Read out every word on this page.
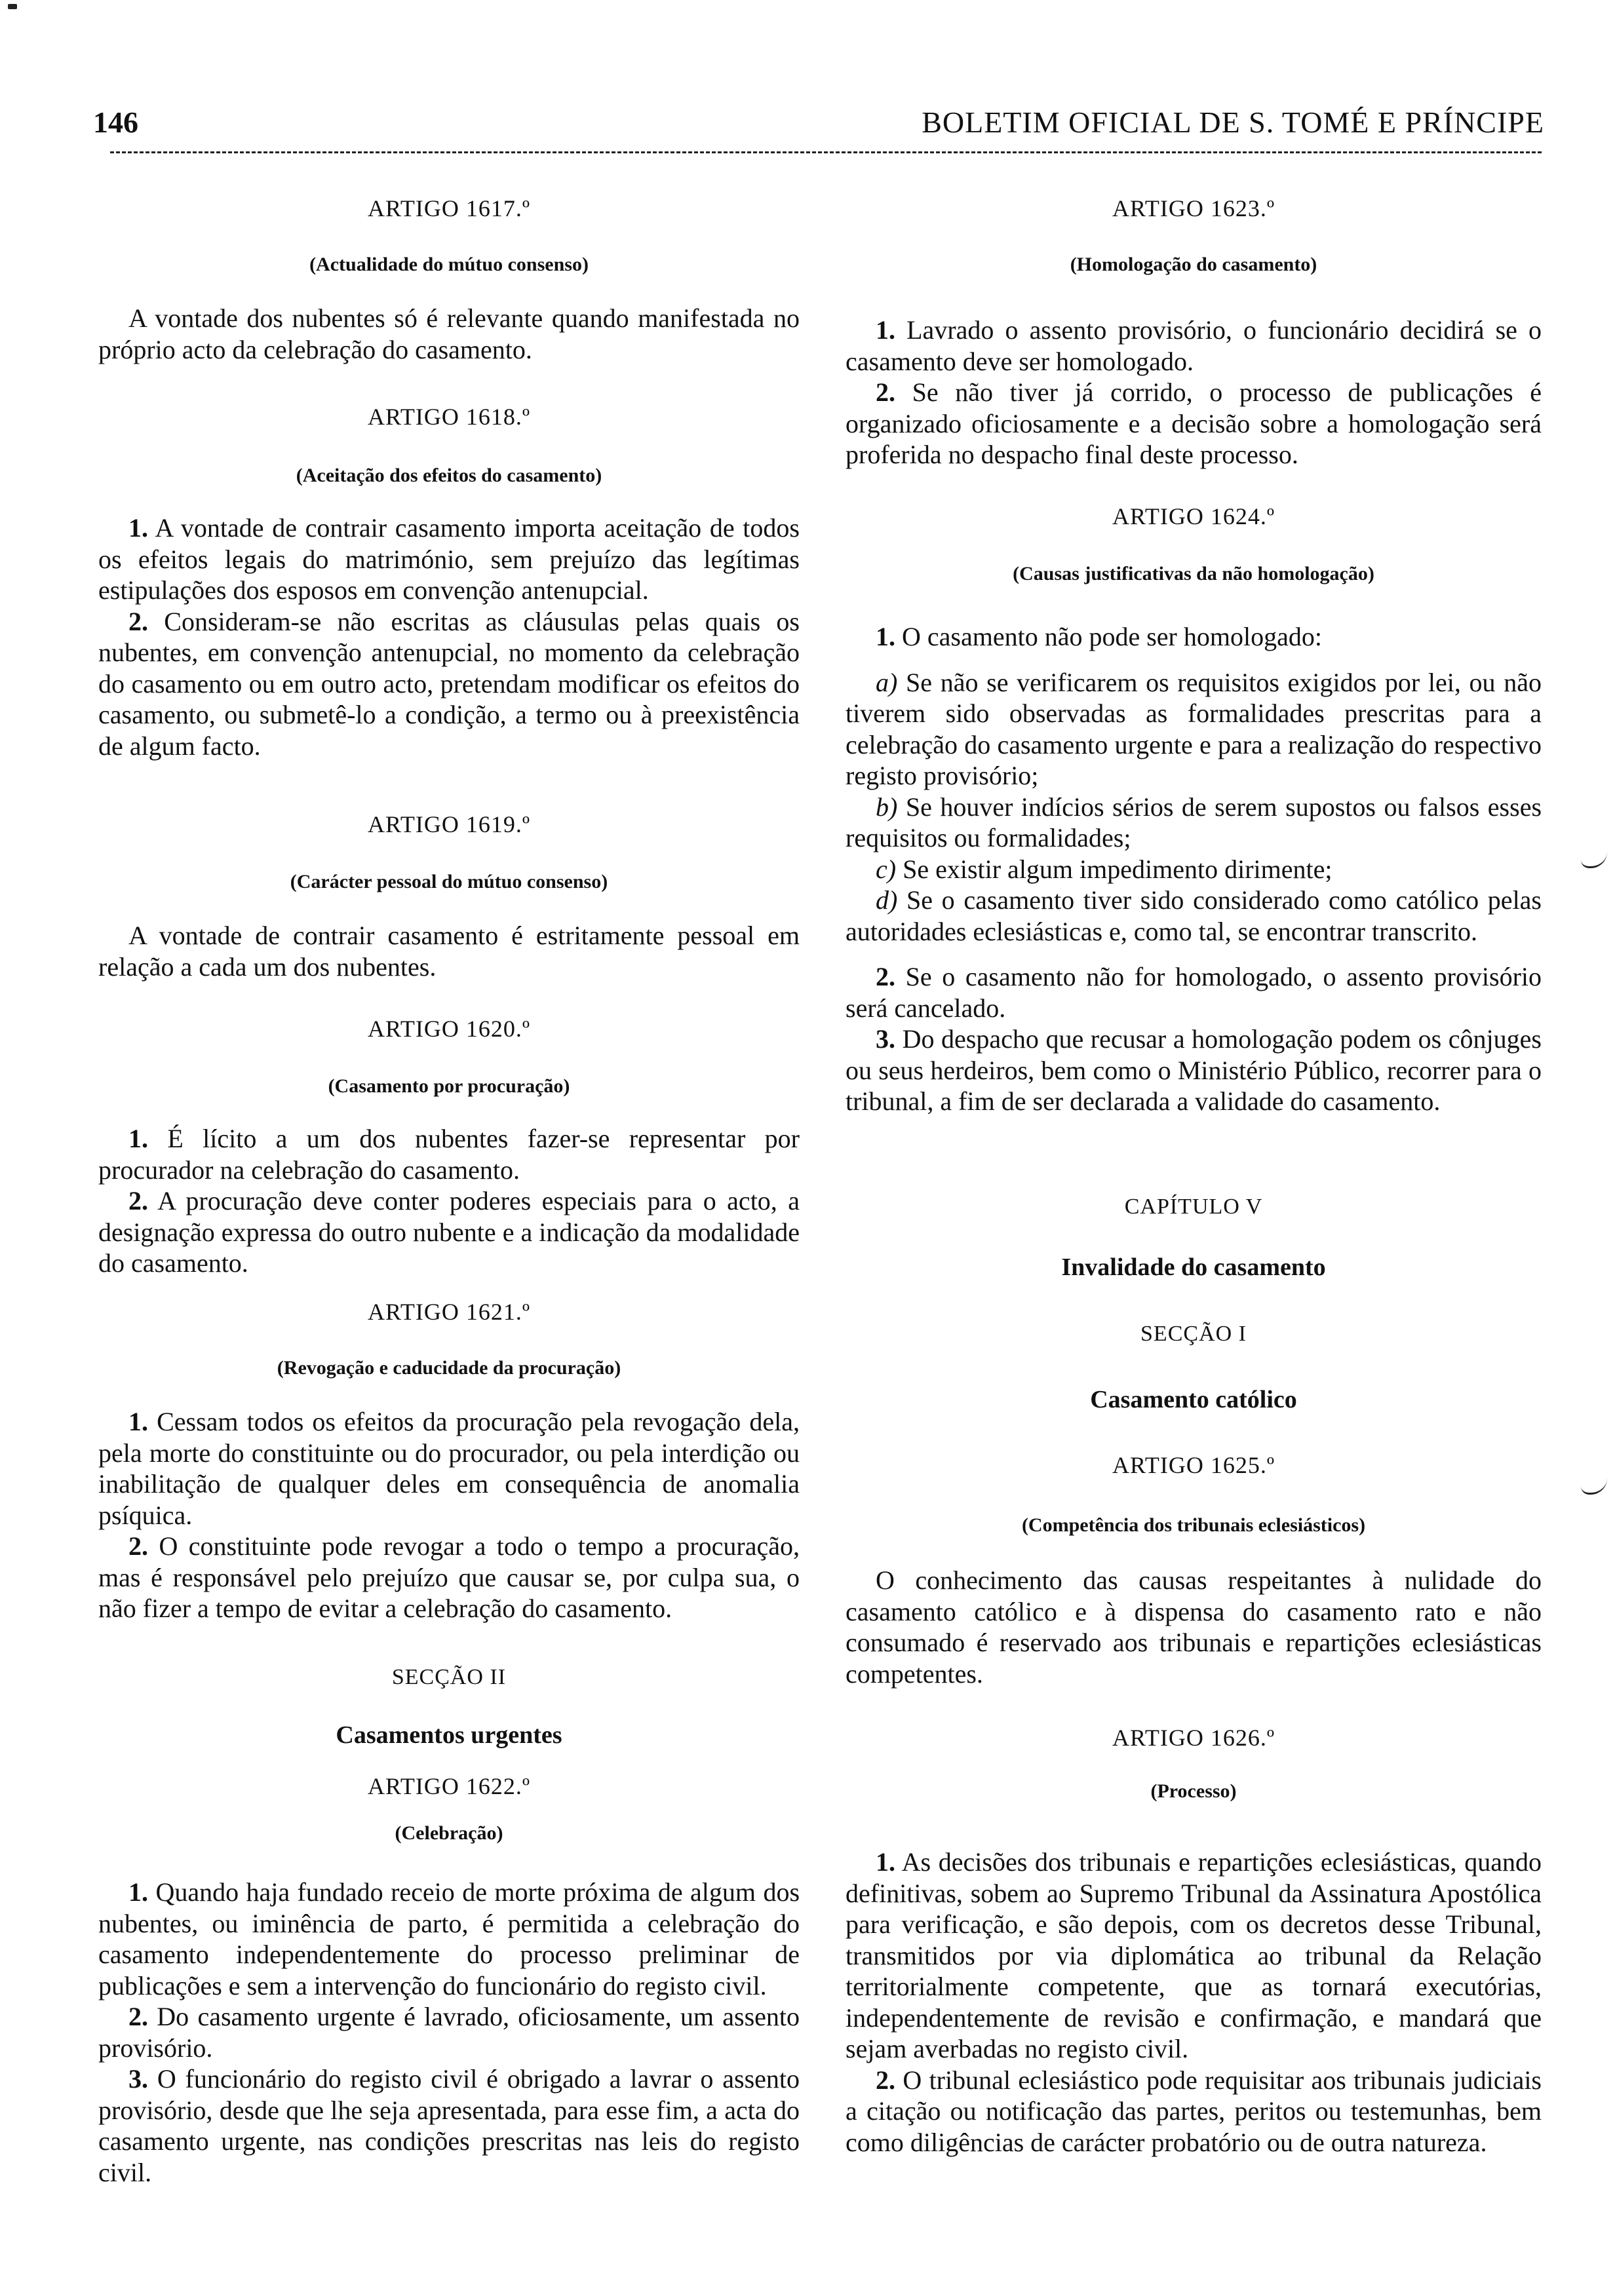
146	BOLETIM OFICIAL DE S. TOMÉ E PRÍNCIPE
ARTIGO 1617.º
(Actualidade do mútuo consenso)

A vontade dos nubentes só é relevante quando manifestada no próprio acto da celebração do casamento.

ARTIGO 1618.º
(Aceitação dos efeitos do casamento)

1. A vontade de contrair casamento importa aceitação de todos os efeitos legais do matrimónio, sem prejuízo das legítimas estipulações dos esposos em convenção antenupcial.

2. Consideram-se não escritas as cláusulas pelas quais os nubentes, em convenção antenupcial, no momento da celebração do casamento ou em outro acto, pretendam modificar os efeitos do casamento, ou submetê-lo a condição, a termo ou à preexistência de algum facto.

ARTIGO 1619.º
(Carácter pessoal do mútuo consenso)

A vontade de contrair casamento é estritamente pessoal em relação a cada um dos nubentes.

ARTIGO 1620.º
(Casamento por procuração)

1. É lícito a um dos nubentes fazer-se representar por procurador na celebração do casamento.

2. A procuração deve conter poderes especiais para o acto, a designação expressa do outro nubente e a indicação da modalidade do casamento.

ARTIGO 1621.º
(Revogação e caducidade da procuração)

1. Cessam todos os efeitos da procuração pela revogação dela, pela morte do constituinte ou do procurador, ou pela interdição ou inabilitação de qualquer deles em consequência de anomalia psíquica.

2. O constituinte pode revogar a todo o tempo a procuração, mas é responsável pelo prejuízo que causar se, por culpa sua, o não fizer a tempo de evitar a celebração do casamento.

SECÇÃO II
Casamentos urgentes
ARTIGO 1622.º
(Celebração)

1. Quando haja fundado receio de morte próxima de algum dos nubentes, ou iminência de parto, é permitida a celebração do casamento independentemente do processo preliminar de publicações e sem a intervenção do funcionário do registo civil.

2. Do casamento urgente é lavrado, oficiosamente, um assento provisório.

3. O funcionário do registo civil é obrigado a lavrar o assento provisório, desde que lhe seja apresentada, para esse fim, a acta do casamento urgente, nas condições prescritas nas leis do registo civil.

ARTIGO 1623.º
(Homologação do casamento)

1. Lavrado o assento provisório, o funcionário decidirá se o casamento deve ser homologado.

2. Se não tiver já corrido, o processo de publicações é organizado oficiosamente e a decisão sobre a homologação será proferida no despacho final deste processo.

ARTIGO 1624.º
(Causas justificativas da não homologação)

1. O casamento não pode ser homologado:

a) Se não se verificarem os requisitos exigidos por lei, ou não tiverem sido observadas as formalidades prescritas para a celebração do casamento urgente e para a realização do respectivo registo provisório;

b) Se houver indícios sérios de serem supostos ou falsos esses requisitos ou formalidades;

c) Se existir algum impedimento dirimente;

d) Se o casamento tiver sido considerado como católico pelas autoridades eclesiásticas e, como tal, se encontrar transcrito.

2. Se o casamento não for homologado, o assento provisório será cancelado.

3. Do despacho que recusar a homologação podem os cônjuges ou seus herdeiros, bem como o Ministério Público, recorrer para o tribunal, a fim de ser declarada a validade do casamento.

CAPÍTULO V
Invalidade do casamento
SECÇÃO I
Casamento católico
ARTIGO 1625.º
(Competência dos tribunais eclesiásticos)

O conhecimento das causas respeitantes à nulidade do casamento católico e à dispensa do casamento rato e não consumado é reservado aos tribunais e repartições eclesiásticas competentes.

ARTIGO 1626.º
(Processo)

1. As decisões dos tribunais e repartições eclesiásticas, quando definitivas, sobem ao Supremo Tribunal da Assinatura Apostólica para verificação, e são depois, com os decretos desse Tribunal, transmitidos por via diplomática ao tribunal da Relação territorialmente competente, que as tornará executórias, independentemente de revisão e confirmação, e mandará que sejam averbadas no registo civil.

2. O tribunal eclesiástico pode requisitar aos tribunais judiciais a citação ou notificação das partes, peritos ou testemunhas, bem como diligências de carácter probatório ou de outra natureza.
